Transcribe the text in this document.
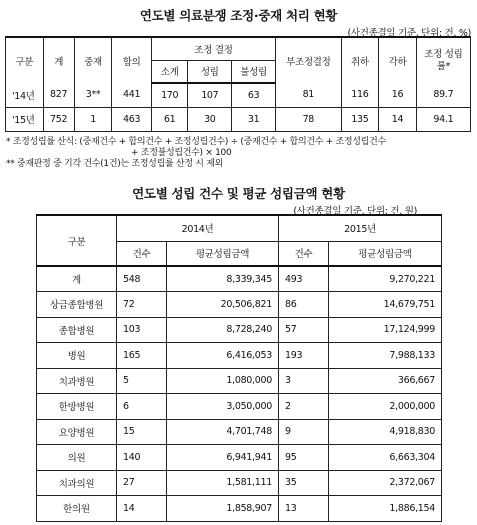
연도별 의료분쟁 조정·중재 처리 현황
(사건종결일 기준, 단위: 건, %)
구분	계	중재	합의	조정 결정			부조정결정	취하	각하	조정 성립률*
				소계	성립	불성립				
'14년	827	3**	441	170	107	63	81	116	16	89.7
'15년	752	1	463	61	30	31	78	135	14	94.1
* 조정성립률 산식: (중재건수 + 합의건수 + 조정성립건수) ÷ (중재건수 + 합의건수 + 조정성립건수
+ 조정불성립건수) × 100
** 중재판정 중 기각 건수(1건)는 조정성립률 산정 시 제외
연도별 성립 건수 및 평균 성립금액 현황
(사건종결일 기준, 단위: 건, 원)
구분	2014년		2015년	
	건수	평균성립금액	건수	평균성립금액
계	548	8,339,345	493	9,270,221
상급종합병원	72	20,506,821	86	14,679,751
종합병원	103	8,728,240	57	17,124,999
병원	165	6,416,053	193	7,988,133
치과병원	5	1,080,000	3	366,667
한방병원	6	3,050,000	2	2,000,000
요양병원	15	4,701,748	9	4,918,830
의원	140	6,941,941	95	6,663,304
치과의원	27	1,581,111	35	2,372,067
한의원	14	1,858,907	13	1,886,154
